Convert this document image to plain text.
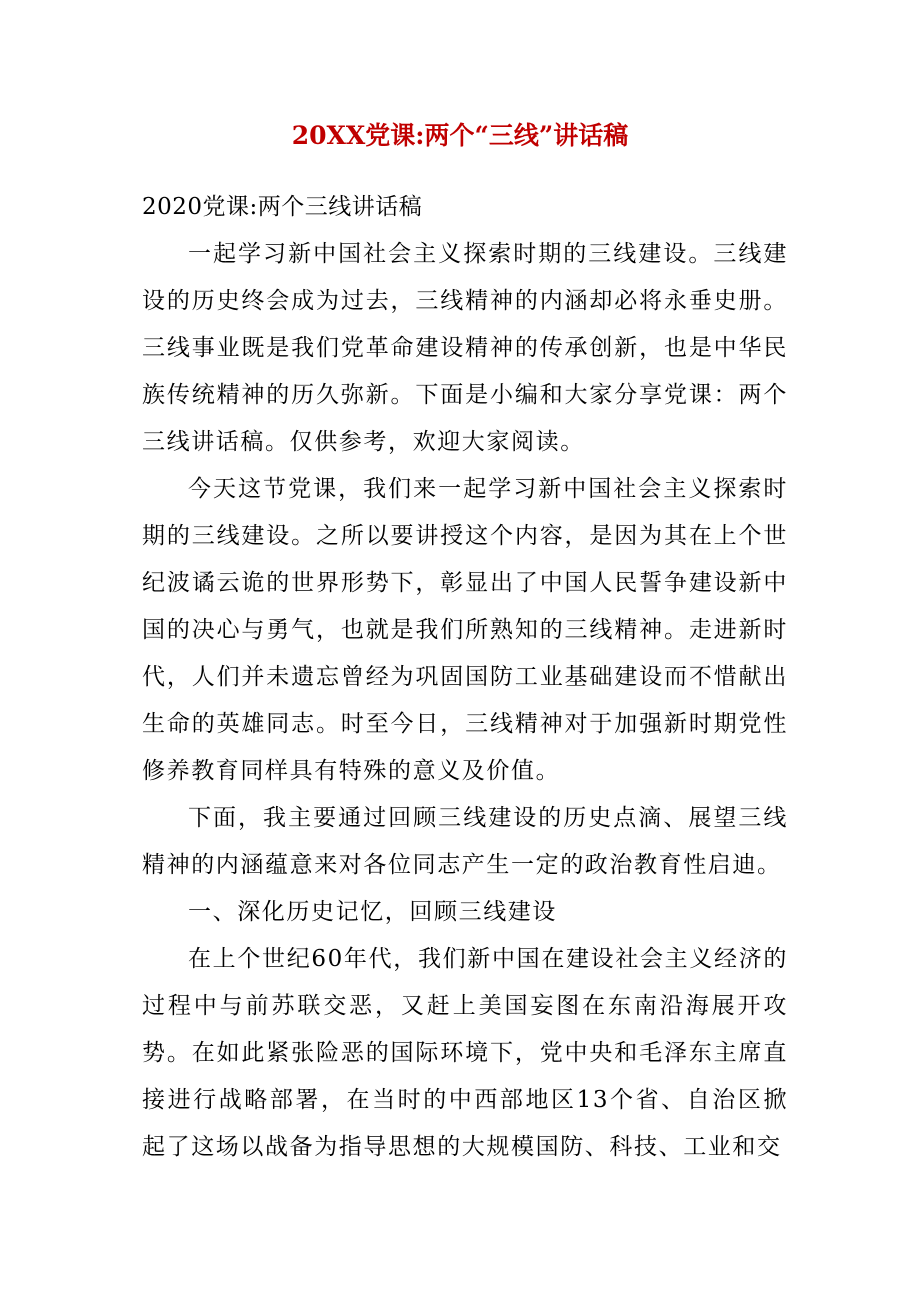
20XX党课:两个“三线”讲话稿

2020党课:两个三线讲话稿

一起学习新中国社会主义探索时期的三线建设。三线建设的历史终会成为过去，三线精神的内涵却必将永垂史册。三线事业既是我们党革命建设精神的传承创新，也是中华民族传统精神的历久弥新。下面是小编和大家分享党课：两个三线讲话稿。仅供参考，欢迎大家阅读。

今天这节党课，我们来一起学习新中国社会主义探索时期的三线建设。之所以要讲授这个内容，是因为其在上个世纪波谲云诡的世界形势下，彰显出了中国人民誓争建设新中国的决心与勇气，也就是我们所熟知的三线精神。走进新时代，人们并未遗忘曾经为巩固国防工业基础建设而不惜献出生命的英雄同志。时至今日，三线精神对于加强新时期党性修养教育同样具有特殊的意义及价值。

下面，我主要通过回顾三线建设的历史点滴、展望三线精神的内涵蕴意来对各位同志产生一定的政治教育性启迪。

一、深化历史记忆，回顾三线建设

在上个世纪60年代，我们新中国在建设社会主义经济的过程中与前苏联交恶，又赶上美国妄图在东南沿海展开攻势。在如此紧张险恶的国际环境下，党中央和毛泽东主席直接进行战略部署，在当时的中西部地区13个省、自治区掀起了这场以战备为指导思想的大规模国防、科技、工业和交
